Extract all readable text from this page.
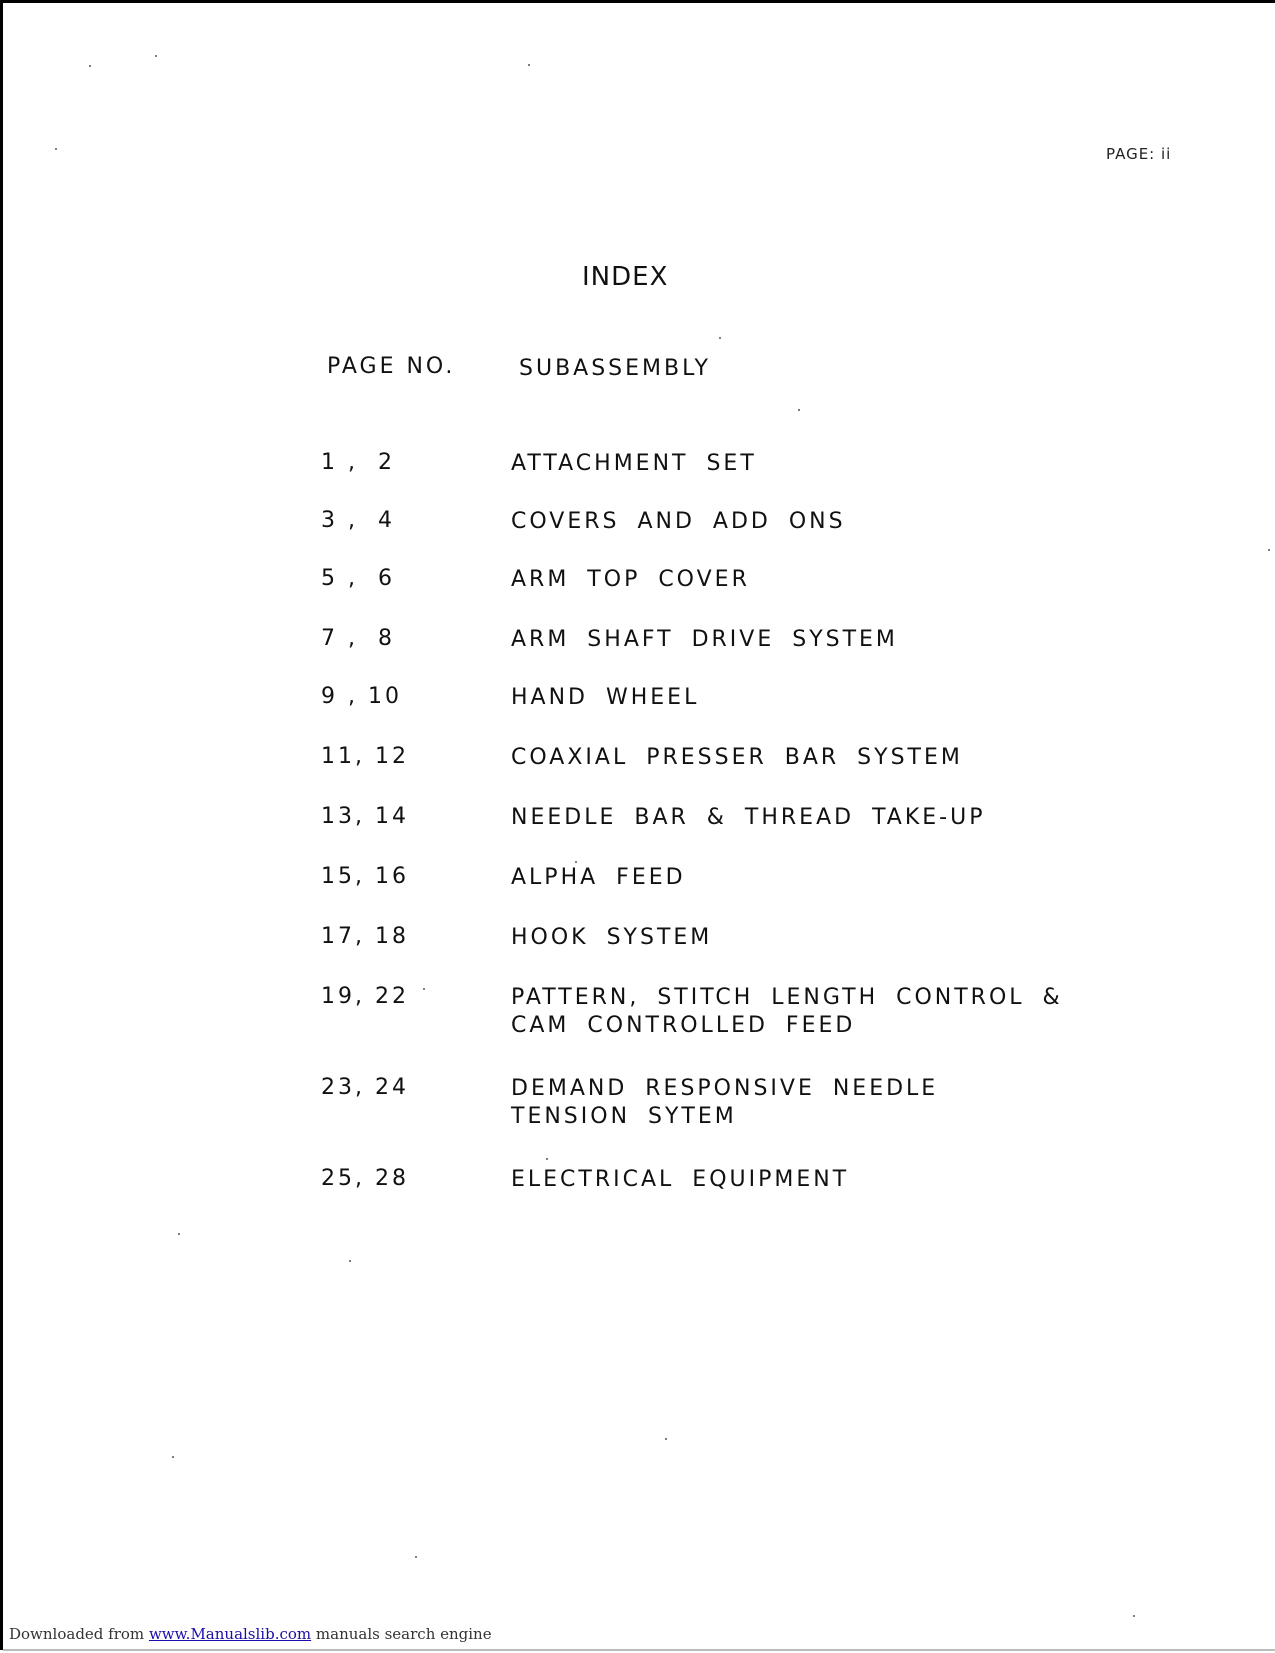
PAGE: ii
INDEX
PAGE NO.	SUBASSEMBLY
1 ,  2	ATTACHMENT SET
3 ,  4	COVERS AND ADD ONS
5 ,  6	ARM TOP COVER
7 ,  8	ARM SHAFT DRIVE SYSTEM
9 , 10	HAND WHEEL
11, 12	COAXIAL PRESSER BAR SYSTEM
13, 14	NEEDLE BAR & THREAD TAKE-UP
15, 16	ALPHA FEED
17, 18	HOOK SYSTEM
19, 22	PATTERN, STITCH LENGTH CONTROL & CAM CONTROLLED FEED
23, 24	DEMAND RESPONSIVE NEEDLE TENSION SYTEM
25, 28	ELECTRICAL EQUIPMENT
Downloaded from www.Manualslib.com manuals search engine
